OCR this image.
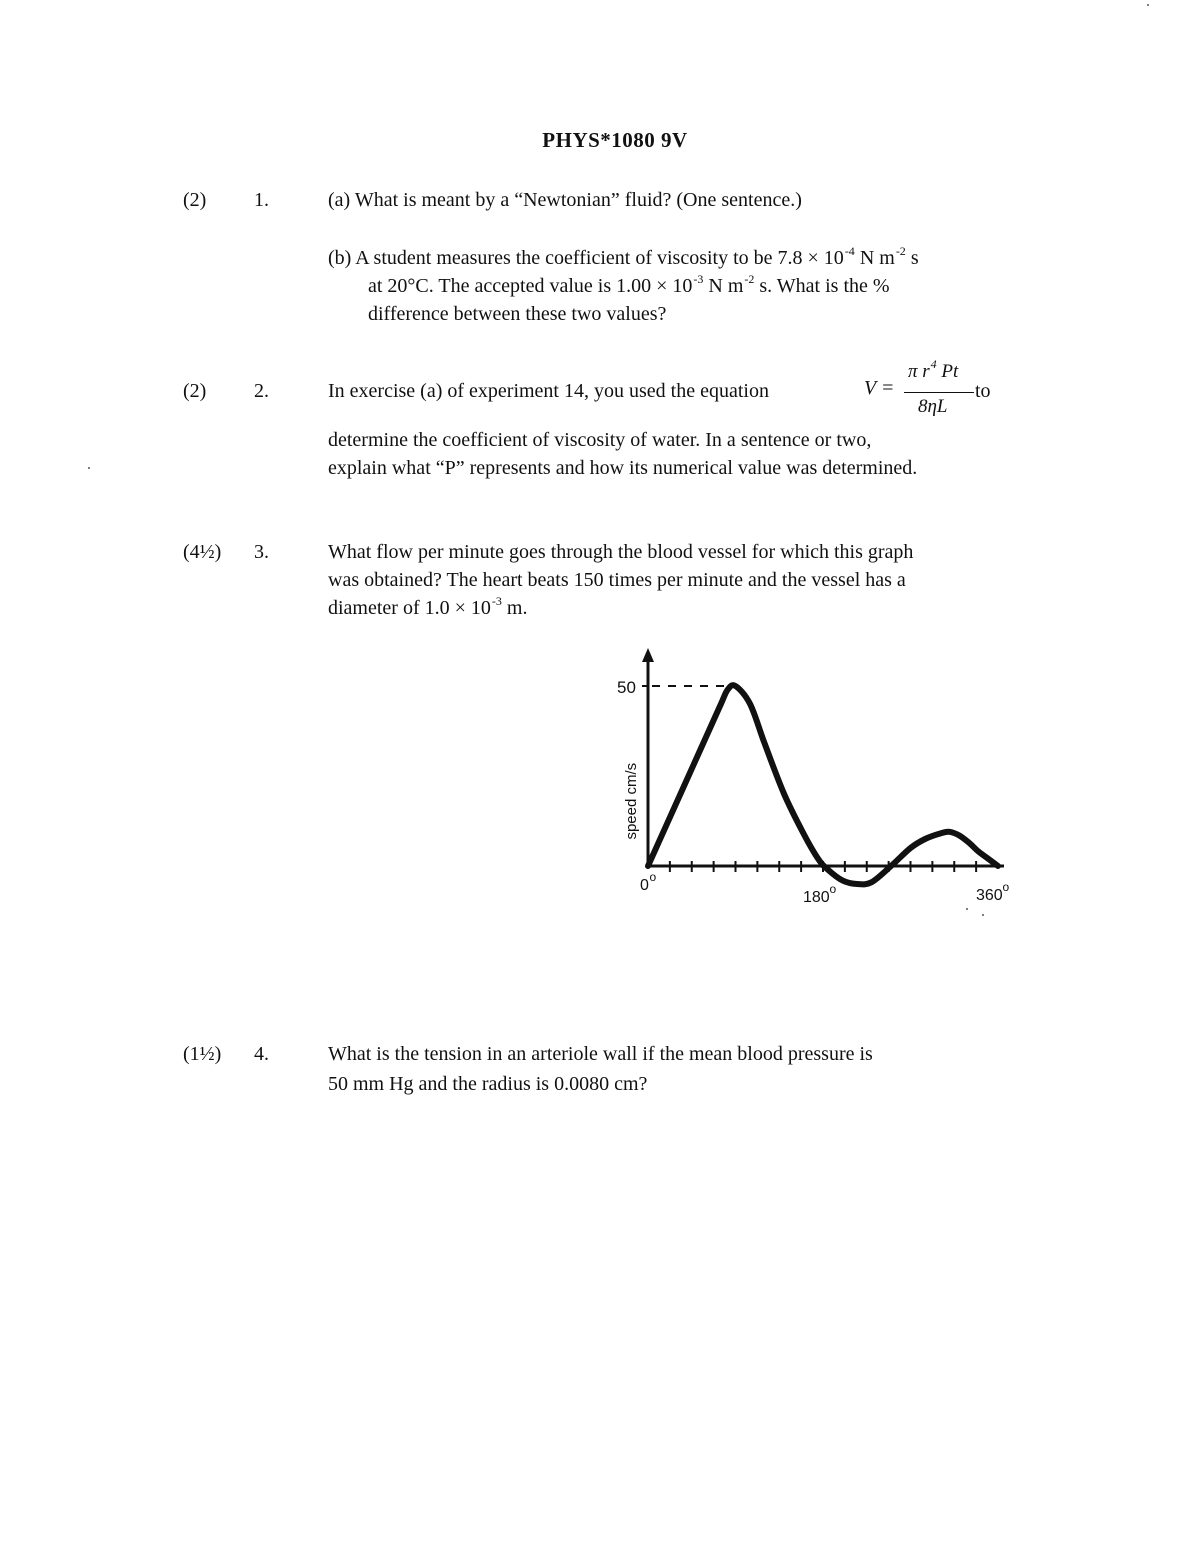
PHYS*1080 9V
(2) 1.	(a) What is meant by a “Newtonian” fluid? (One sentence.)
(b) A student measures the coefficient of viscosity to be $7.8 \times 10^{-4}$ N $m^{-2}$ s
at 20°C. The accepted value is $1.00 \times 10^{-3}$ N $m^{-2}$ s. What is the %
difference between these two values?
(2) 2.	In exercise (a) of experiment 14, you used the equation	V =
π $r^4$ Pt
8ηL
to
determine the coefficient of viscosity of water. In a sentence or two,
explain what “P” represents and how its numerical value was determined.
(4½) 3.	What flow per minute goes through the blood vessel for which this graph
was obtained? The heart beats 150 times per minute and the vessel has a
diameter of $1.0 \times 10^{-3}$ m.
50
speed cm/s
0 o
180 o	360 o
(1½) 4.	What is the tension in an arteriole wall if the mean blood pressure is
50 mm Hg and the radius is 0.0080 cm?
